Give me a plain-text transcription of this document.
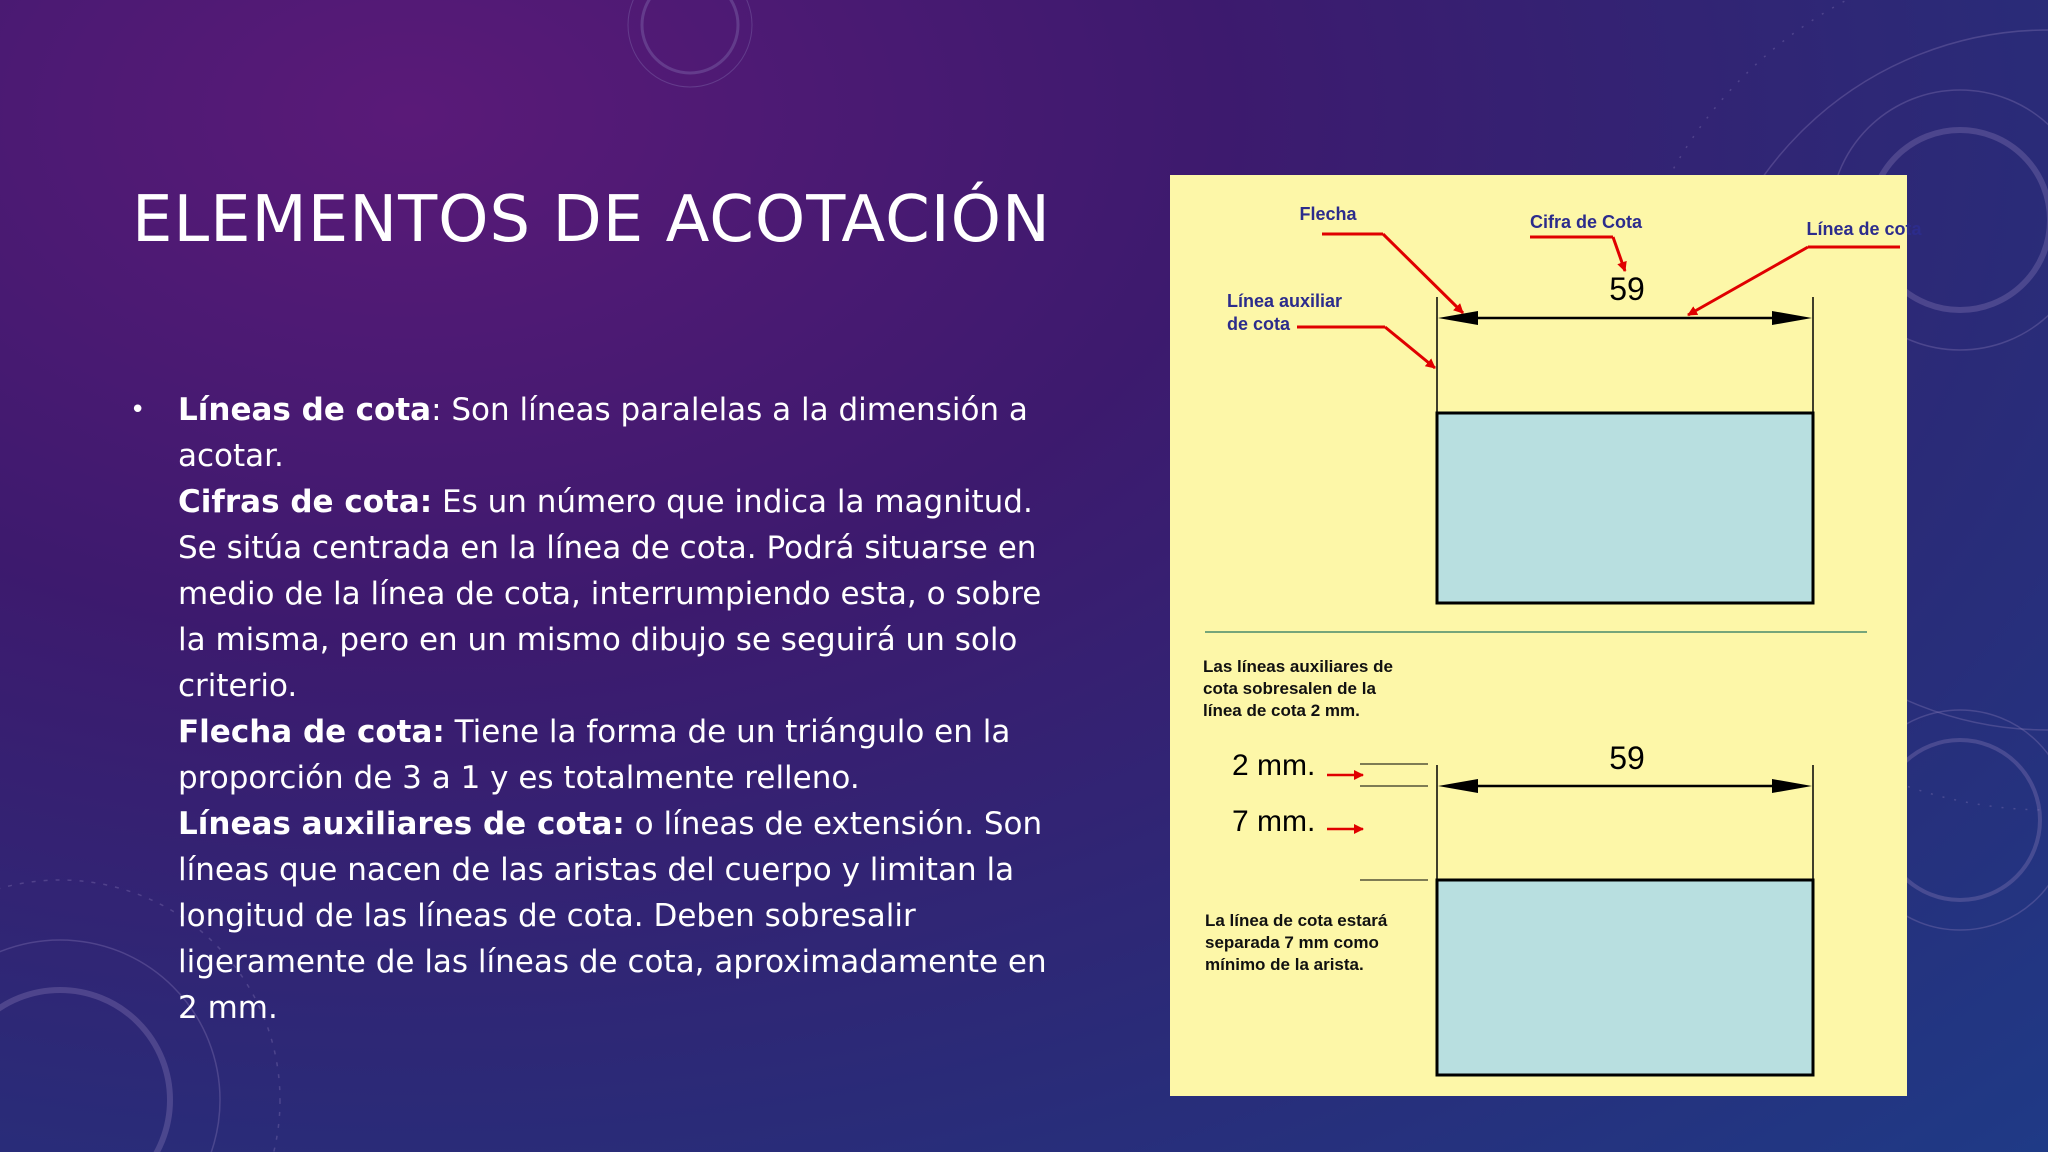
ELEMENTOS DE ACOTACIÓN
•	Líneas de cota: Son líneas paralelas a la dimensión a acotar.
Cifras de cota: Es un número que indica la magnitud. Se sitúa centrada en la línea de cota. Podrá situarse en medio de la línea de cota, interrumpiendo esta, o sobre la misma, pero en un mismo dibujo se seguirá un solo criterio.
Flecha de cota: Tiene la forma de un triángulo en la proporción de 3 a 1 y es totalmente relleno.
Líneas auxiliares de cota: o líneas de extensión. Son líneas que nacen de las aristas del cuerpo y limitan la longitud de las líneas de cota. Deben sobresalir ligeramente de las líneas de cota, aproximadamente en 2 mm.
59
Flecha	Cifra de Cota	Línea de cota
Línea auxiliar
de cota
Las líneas auxiliares de
cota sobresalen de la
línea de cota 2 mm.
59
2 mm.
7 mm.
La línea de cota estará
separada 7 mm como
mínimo de la arista.
